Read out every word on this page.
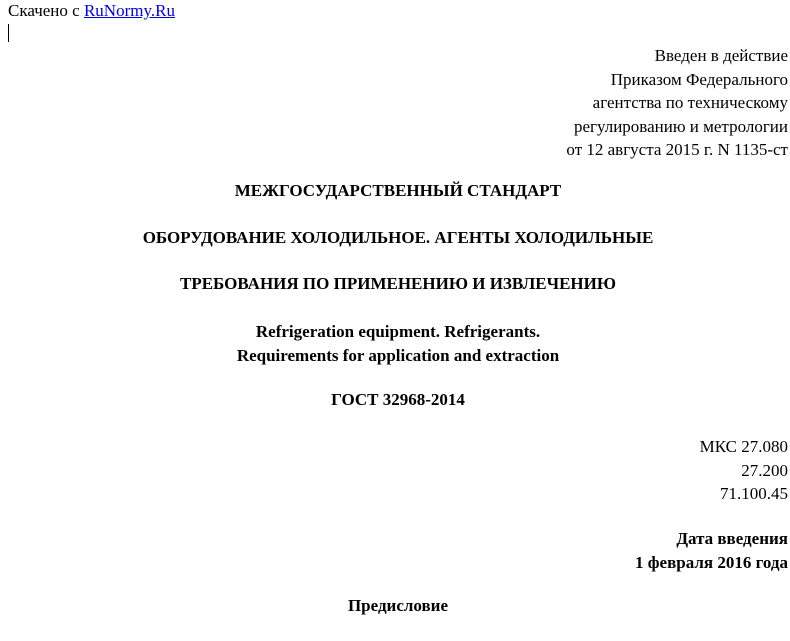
Скачено с RuNormy.Ru
Введен в действие
Приказом Федерального
агентства по техническому
регулированию и метрологии
от 12 августа 2015 г. N 1135-ст
МЕЖГОСУДАРСТВЕННЫЙ СТАНДАРТ
ОБОРУДОВАНИЕ ХОЛОДИЛЬНОЕ. АГЕНТЫ ХОЛОДИЛЬНЫЕ
ТРЕБОВАНИЯ ПО ПРИМЕНЕНИЮ И ИЗВЛЕЧЕНИЮ
Refrigeration equipment. Refrigerants.
Requirements for application and extraction
ГОСТ 32968-2014
МКС 27.080
27.200
71.100.45
Дата введения
1 февраля 2016 года
Предисловие
